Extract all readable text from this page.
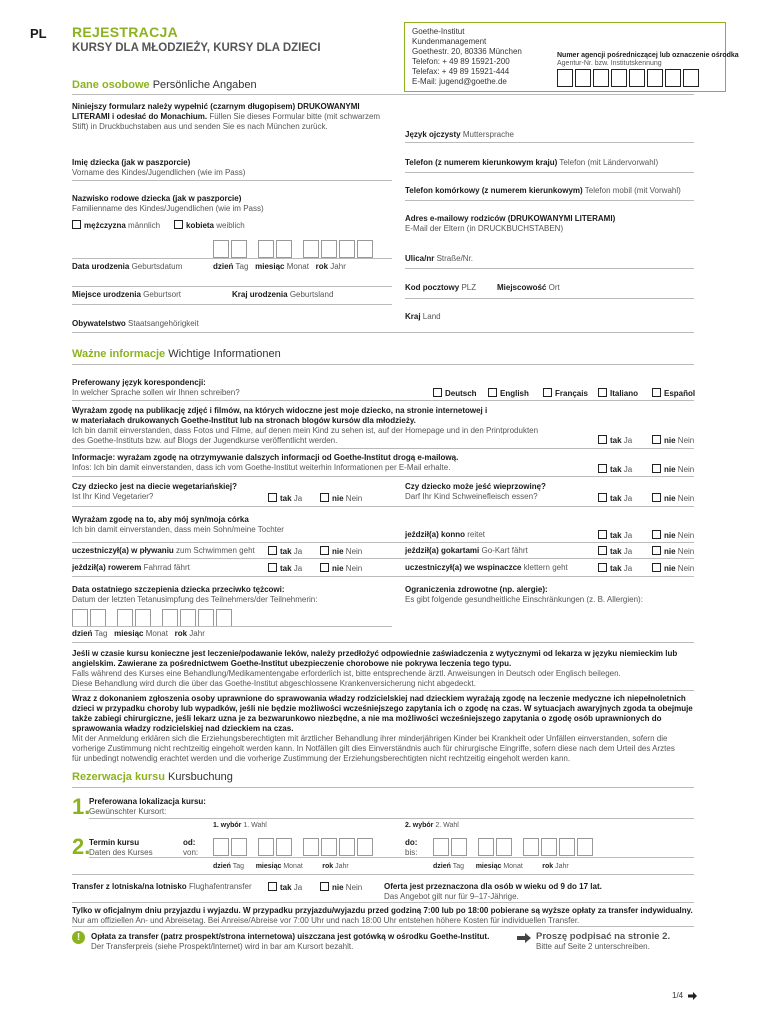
PL REJESTRACJA
KURSY DLA MŁODZIEŻY, KURSY DLA DZIECI
Goethe-Institut
Kundenmanagement
Goethestr. 20, 80336 München
Telefon: + 49 89 15921-200
Telefax: + 49 89 15921-444
E-Mail: jugend@goethe.de
Numer agencji pośredniczącej lub oznaczenie ośrodka
Agentur-Nr. bzw. Institutskennung
Dane osobowe Persönliche Angaben
Niniejszy formularz należy wypełnić (czarnym długopisem) DRUKOWANYMI LITERAMI i odesłać do Monachium. Füllen Sie dieses Formular bitte (mit schwarzem Stift) in Druckbuchstaben aus und senden Sie es nach München zurück.
Język ojczysty Muttersprache
Imię dziecka (jak w paszporcie)
Vorname des Kindes/Jugendlichen (wie im Pass)
Telefon (z numerem kierunkowym kraju) Telefon (mit Ländervorwahl)
Telefon komórkowy (z numerem kierunkowym) Telefon mobil (mit Vorwahl)
Nazwisko rodowe dziecka (jak w paszporcie)
Familienname des Kindes/Jugendlichen (wie im Pass)
Adres e-mailowy rodziców (DRUKOWANYMI LITERAMI)
E-Mail der Eltern (in DRUCKBUCHSTABEN)
mężczyzna männlich	kobieta weiblich
Data urodzenia Geburtsdatum	dzień Tag miesiąc Monat rok Jahr
Ulica/nr Straße/Nr.
Miejsce urodzenia Geburtsort	Kraj urodzenia Geburtsland
Kod pocztowy PLZ	Miejscowość Ort
Kraj Land
Obywatelstwo Staatsangehörigkeit
Ważne informacje Wichtige Informationen
Preferowany język korespondencji:
In welcher Sprache sollen wir Ihnen schreiben?	Deutsch	English	Français	Italiano	Español
Wyrażam zgodę na publikację zdjęć i filmów, na których widoczne jest moje dziecko, na stronie internetowej i
w materiałach drukowanych Goethe-Institut lub na stronach blogów kursów dla młodzieży.
Ich bin damit einverstanden, dass Fotos und Filme, auf denen mein Kind zu sehen ist, auf der Homepage und in den Printprodukten
des Goethe-Instituts bzw. auf Blogs der Jugendkurse veröffentlicht werden.	tak Ja	nie Nein
Informacje: wyrażam zgodę na otrzymywanie dalszych informacji od Goethe-Institut drogą e-mailową.
Infos: Ich bin damit einverstanden, dass ich vom Goethe-Institut weiterhin Informationen per E-Mail erhalte.	tak Ja	nie Nein
Czy dziecko jest na diecie wegetariańskiej?
Ist Ihr Kind Vegetarier?	tak Ja	nie Nein
Czy dziecko może jeść wieprzowinę?
Darf Ihr Kind Schweinefleisch essen?	tak Ja	nie Nein
Wyrażam zgodę na to, aby mój syn/moja córka
Ich bin damit einverstanden, dass mein Sohn/meine Tochter
jeździł(a) konno reitet	tak Ja	nie Nein
uczestniczył(a) w pływaniu zum Schwimmen geht	tak Ja	nie Nein	jeździł(a) gokartami Go-Kart fährt	tak Ja	nie Nein
jeździł(a) rowerem Fahrrad fährt	tak Ja	nie Nein	uczestniczył(a) we wspinaczce klettern geht	tak Ja	nie Nein
Data ostatniego szczepienia dziecka przeciwko tężcowi:
Datum der letzten Tetanusimpfung des Teilnehmers/der Teilnehmerin:
Ograniczenia zdrowotne (np. alergie):
Es gibt folgende gesundheitliche Einschränkungen (z. B. Allergien):
dzień Tag miesiąc Monat rok Jahr
Jeśli w czasie kursu konieczne jest leczenie/podawanie leków, należy przedłożyć odpowiednie zaświadczenia z wytycznymi od lekarza w języku niemieckim lub
angielskim. Zawierane za pośrednictwem Goethe-Institut ubezpieczenie chorobowe nie pokrywa leczenia tego typu.
Falls während des Kurses eine Behandlung/Medikamentengabe erforderlich ist, bitte entsprechende ärztl. Anweisungen in Deutsch oder Englisch beilegen.
Diese Behandlung wird durch die über das Goethe-Institut abgeschlossene Krankenversicherung nicht abgedeckt.
Wraz z dokonaniem zgłoszenia osoby uprawnione do sprawowania władzy rodzicielskiej nad dzieckiem wyrażają zgodę na leczenie medyczne ich niepełnoletnich
dzieci w przypadku choroby lub wypadków, jeśli nie będzie możliwości wcześniejszego zapytania ich o zgodę na czas. W sytuacjach awaryjnych zgoda ta obejmuje
także zabiegi chirurgiczne, jeśli lekarz uzna je za bezwarunkowo niezbędne, a nie ma możliwości wcześniejszego zapytania o zgodę osób uprawnionych do
sprawowania władzy rodzicielskiej nad dzieckiem na czas.
Mit der Anmeldung erklären sich die Erziehungsberechtigten mit ärztlicher Behandlung ihrer minderjährigen Kinder bei Krankheit oder Unfällen einverstanden, sofern die
vorherige Zustimmung nicht rechtzeitig eingeholt werden kann. In Notfällen gilt dies Einverständnis auch für chirurgische Eingriffe, sofern diese nach dem Urteil des Arztes
für unbedingt notwendig erachtet werden und die vorherige Zustimmung der Erziehungsberechtigten nicht rechtzeitig eingeholt werden kann.
Rezerwacja kursu Kursbuchung
1.
Preferowana lokalizacja kursu:
Gewünschter Kursort:
1. wybór 1. Wahl	2. wybór 2. Wahl
2.
Termin kursu
Daten des Kurses
od:
von:
do:
bis:
dzień Tag miesiąc Monat	rok Jahr	dzień Tag miesiąc Monat	rok Jahr
Transfer z lotniska/na lotnisko Flughafentransfer	tak Ja	nie Nein	Oferta jest przeznaczona dla osób w wieku od 9 do 17 lat.
Das Angebot gilt nur für 9–17-Jährige.
Tylko w oficjalnym dniu przyjazdu i wyjazdu. W przypadku przyjazdu/wyjazdu przed godziną 7:00 lub po 18:00 pobierane są wyższe opłaty za transfer indywidualny.
Nur am offiziellen An- und Abreisetag. Bei Anreise/Abreise vor 7:00 Uhr und nach 18:00 Uhr entstehen höhere Kosten für individuellen Transfer.
!	Opłata za transfer (patrz prospekt/strona internetowa) uiszczana jest gotówką w ośrodku Goethe-Institut.
Der Transferpreis (siehe Prospekt/Internet) wird in bar am Kursort bezahlt.
Proszę podpisać na stronie 2.
Bitte auf Seite 2 unterschreiben.
1/4
